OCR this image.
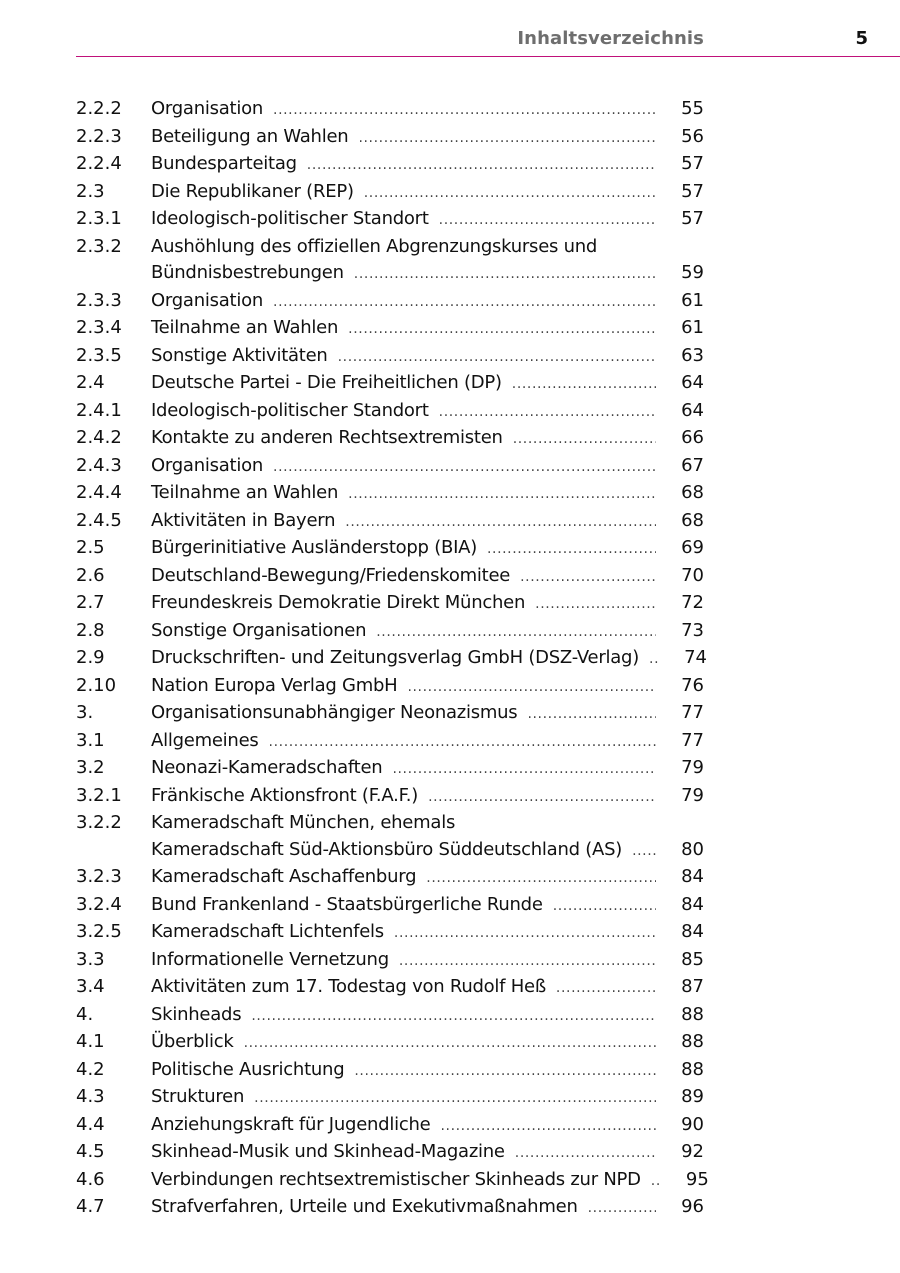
Inhaltsverzeichnis	5
2.2.2	Organisation .....	55
2.2.3	Beteiligung an Wahlen .....	56
2.2.4	Bundesparteitag .....	57
2.3	Die Republikaner (REP) .....	57
2.3.1	Ideologisch-politischer Standort .....	57
2.3.2	Aushöhlung des offiziellen Abgrenzungskurses und
Bündnisbestrebungen .....	59
2.3.3	Organisation .....	61
2.3.4	Teilnahme an Wahlen .....	61
2.3.5	Sonstige Aktivitäten .....	63
2.4	Deutsche Partei - Die Freiheitlichen (DP) .....	64
2.4.1	Ideologisch-politischer Standort .....	64
2.4.2	Kontakte zu anderen Rechtsextremisten .....	66
2.4.3	Organisation .....	67
2.4.4	Teilnahme an Wahlen .....	68
2.4.5	Aktivitäten in Bayern .....	68
2.5	Bürgerinitiative Ausländerstopp (BIA) .....	69
2.6	Deutschland-Bewegung/Friedenskomitee .....	70
2.7	Freundeskreis Demokratie Direkt München .....	72
2.8	Sonstige Organisationen .....	73
2.9	Druckschriften- und Zeitungsverlag GmbH (DSZ-Verlag) .....	74
2.10	Nation Europa Verlag GmbH .....	76
3.	Organisationsunabhängiger Neonazismus .....	77
3.1	Allgemeines .....	77
3.2	Neonazi-Kameradschaften .....	79
3.2.1	Fränkische Aktionsfront (F.A.F.) .....	79
3.2.2	Kameradschaft München, ehemals
Kameradschaft Süd-Aktionsbüro Süddeutschland (AS) .....	80
3.2.3	Kameradschaft Aschaffenburg .....	84
3.2.4	Bund Frankenland - Staatsbürgerliche Runde .....	84
3.2.5	Kameradschaft Lichtenfels .....	84
3.3	Informationelle Vernetzung .....	85
3.4	Aktivitäten zum 17. Todestag von Rudolf Heß .....	87
4.	Skinheads .....	88
4.1	Überblick .....	88
4.2	Politische Ausrichtung .....	88
4.3	Strukturen .....	89
4.4	Anziehungskraft für Jugendliche .....	90
4.5	Skinhead-Musik und Skinhead-Magazine .....	92
4.6	Verbindungen rechtsextremistischer Skinheads zur NPD .....	95
4.7	Strafverfahren, Urteile und Exekutivmaßnahmen .....	96
